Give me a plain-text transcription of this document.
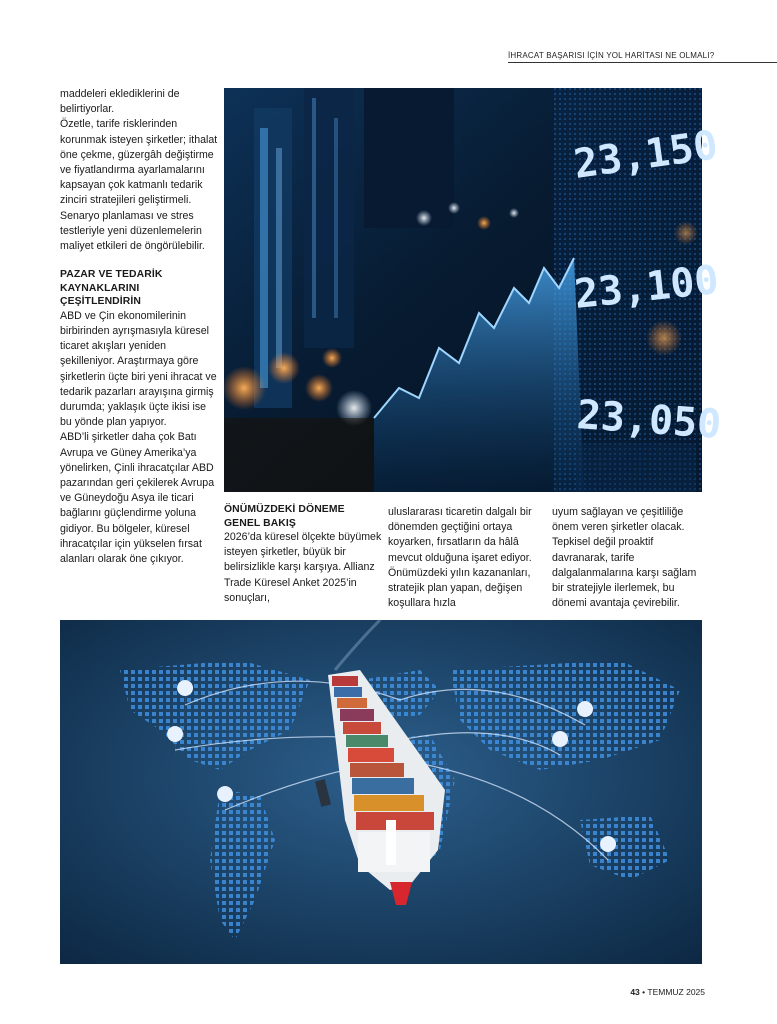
İHRACAT BAŞARISI İÇİN YOL HARİTASI NE OLMALI?

maddeleri eklediklerini de belirtiyorlar.

Özetle, tarife risklerinden korunmak isteyen şirketler; ithalat öne çekme, güzergâh değiştirme ve fiyatlandırma ayarlamalarını kapsayan çok katmanlı tedarik zinciri stratejileri geliştirmeli. Senaryo planlaması ve stres testleriyle yeni düzenlemelerin maliyet etkileri de öngörülebilir.

PAZAR VE TEDARİK KAYNAKLARINI ÇEŞİTLENDİRİN

ABD ve Çin ekonomilerinin birbirinden ayrışmasıyla küresel ticaret akışları yeniden şekilleniyor. Araştırmaya göre şirketlerin üçte biri yeni ihracat ve tedarik pazarları arayışına girmiş durumda; yaklaşık üçte ikisi ise bu yönde plan yapıyor.

ABD’li şirketler daha çok Batı Avrupa ve Güney Amerika’ya yönelirken, Çinli ihracatçılar ABD pazarından geri çekilerek Avrupa ve Güneydoğu Asya ile ticari bağlarını güçlendirme yoluna gidiyor. Bu bölgeler, küresel ihracatçılar için yükselen fırsat alanları olarak öne çıkıyor.

23,150
23,100
23,050
ÖNÜMÜZDEKİ DÖNEME GENEL BAKIŞ

2026’da küresel ölçekte büyümek isteyen şirketler, büyük bir belirsizlikle karşı karşıya. Allianz Trade Küresel Anket 2025’in sonuçları,

uluslararası ticaretin dalgalı bir dönemden geçtiğini ortaya koyarken, fırsatların da hâlâ mevcut olduğuna işaret ediyor. Önümüzdeki yılın kazananları, stratejik plan yapan, değişen koşullara hızla

uyum sağlayan ve çeşitliliğe önem veren şirketler olacak. Tepkisel değil proaktif davranarak, tarife dalgalanmalarına karşı sağlam bir stratejiyle ilerlemek, bu dönemi avantaja çevirebilir.

43 • TEMMUZ 2025
